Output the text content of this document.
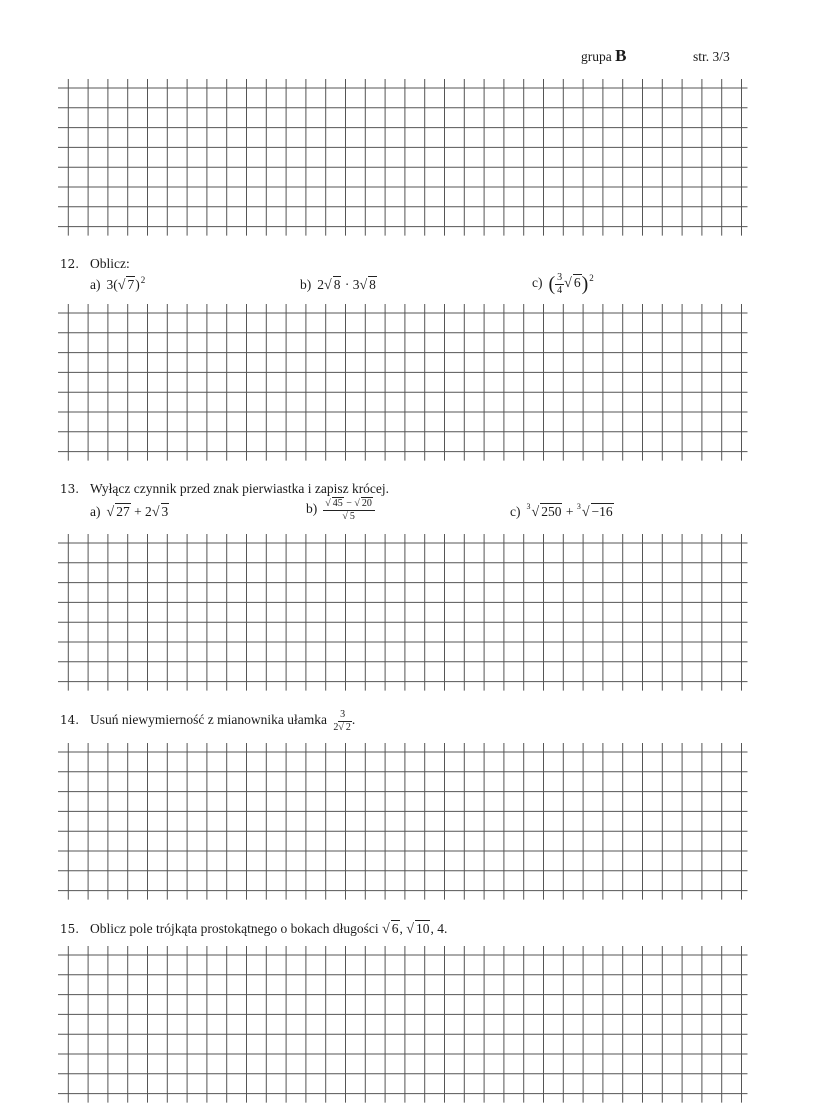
grupa B	str. 3/3
12. Oblicz:
a) 3(√ 7)$^2$	b) 2√ 8 · 3√ 8	c) ( $\frac{3}{4}$ √ 6)$^2$
13. Wyłącz czynnik przed znak pierwiastka i zapisz krócej.
a) √ 27 + 2√ 3	$b) \frac{√ 45 - √ 20}{√ 5}$	c) $^3$√ 250 + $^3$√ −16
14. Usuń niewymierność z mianownika ułamka $\frac{3}{2√ 2}$ .
15. Oblicz pole trójkąta prostokątnego o bokach długości √ 6, √ 10, 4.
